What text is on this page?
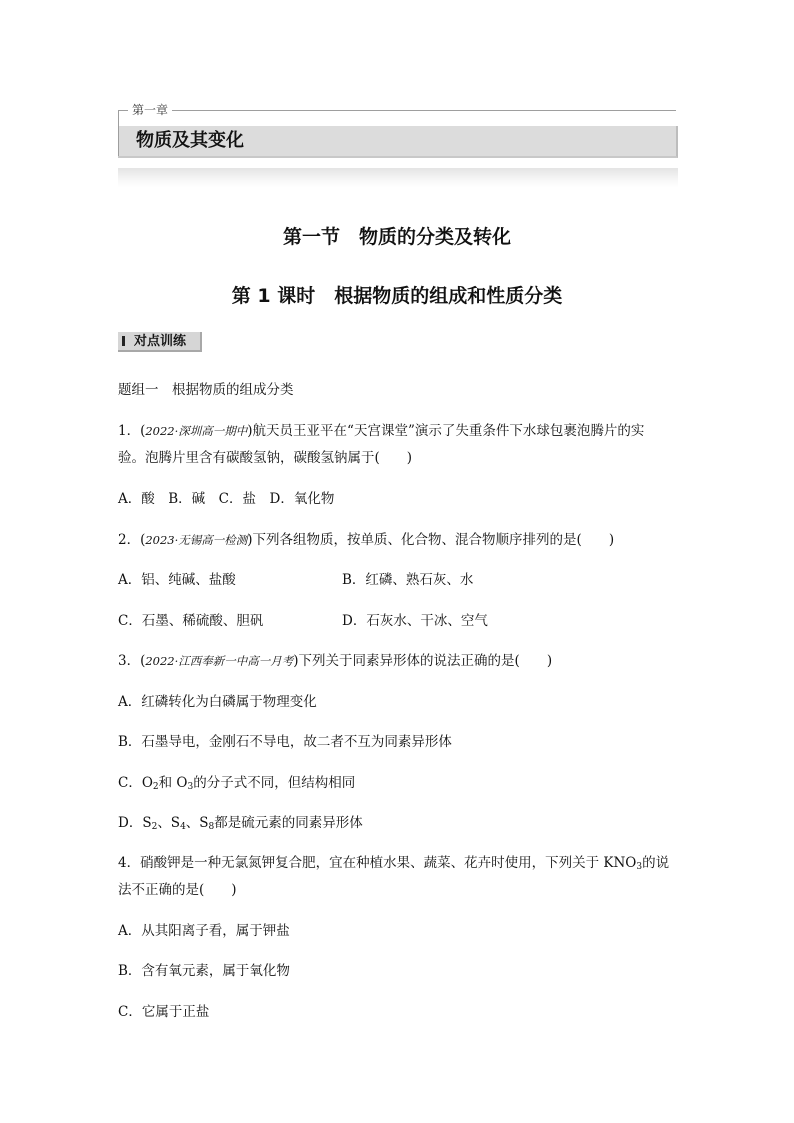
第一章
物质及其变化
第一节　物质的分类及转化
第 1 课时　根据物质的组成和性质分类
对点训练
题组一　根据物质的组成分类
1．(2022·深圳高一期中)航天员王亚平在“天宫课堂”演示了失重条件下水球包裹泡腾片的实
验。泡腾片里含有碳酸氢钠，碳酸氢钠属于(　　)
A．酸　B．碱　C．盐　D．氧化物
2．(2023·无锡高一检测)下列各组物质，按单质、化合物、混合物顺序排列的是(　　)
A．铝、纯碱、盐酸	B．红磷、熟石灰、水
C．石墨、稀硫酸、胆矾	D．石灰水、干冰、空气
3．(2022·江西奉新一中高一月考)下列关于同素异形体的说法正确的是(　　)
A．红磷转化为白磷属于物理变化
B．石墨导电，金刚石不导电，故二者不互为同素异形体
C．$O_2$和 $O_3$的分子式不同，但结构相同
D．$S_2$、$S_4$、$S_8$都是硫元素的同素异形体
4．硝酸钾是一种无氯氮钾复合肥，宜在种植水果、蔬菜、花卉时使用，下列关于 $KNO_3$的说
法不正确的是(　　)
A．从其阳离子看，属于钾盐
B．含有氧元素，属于氧化物
C．它属于正盐
